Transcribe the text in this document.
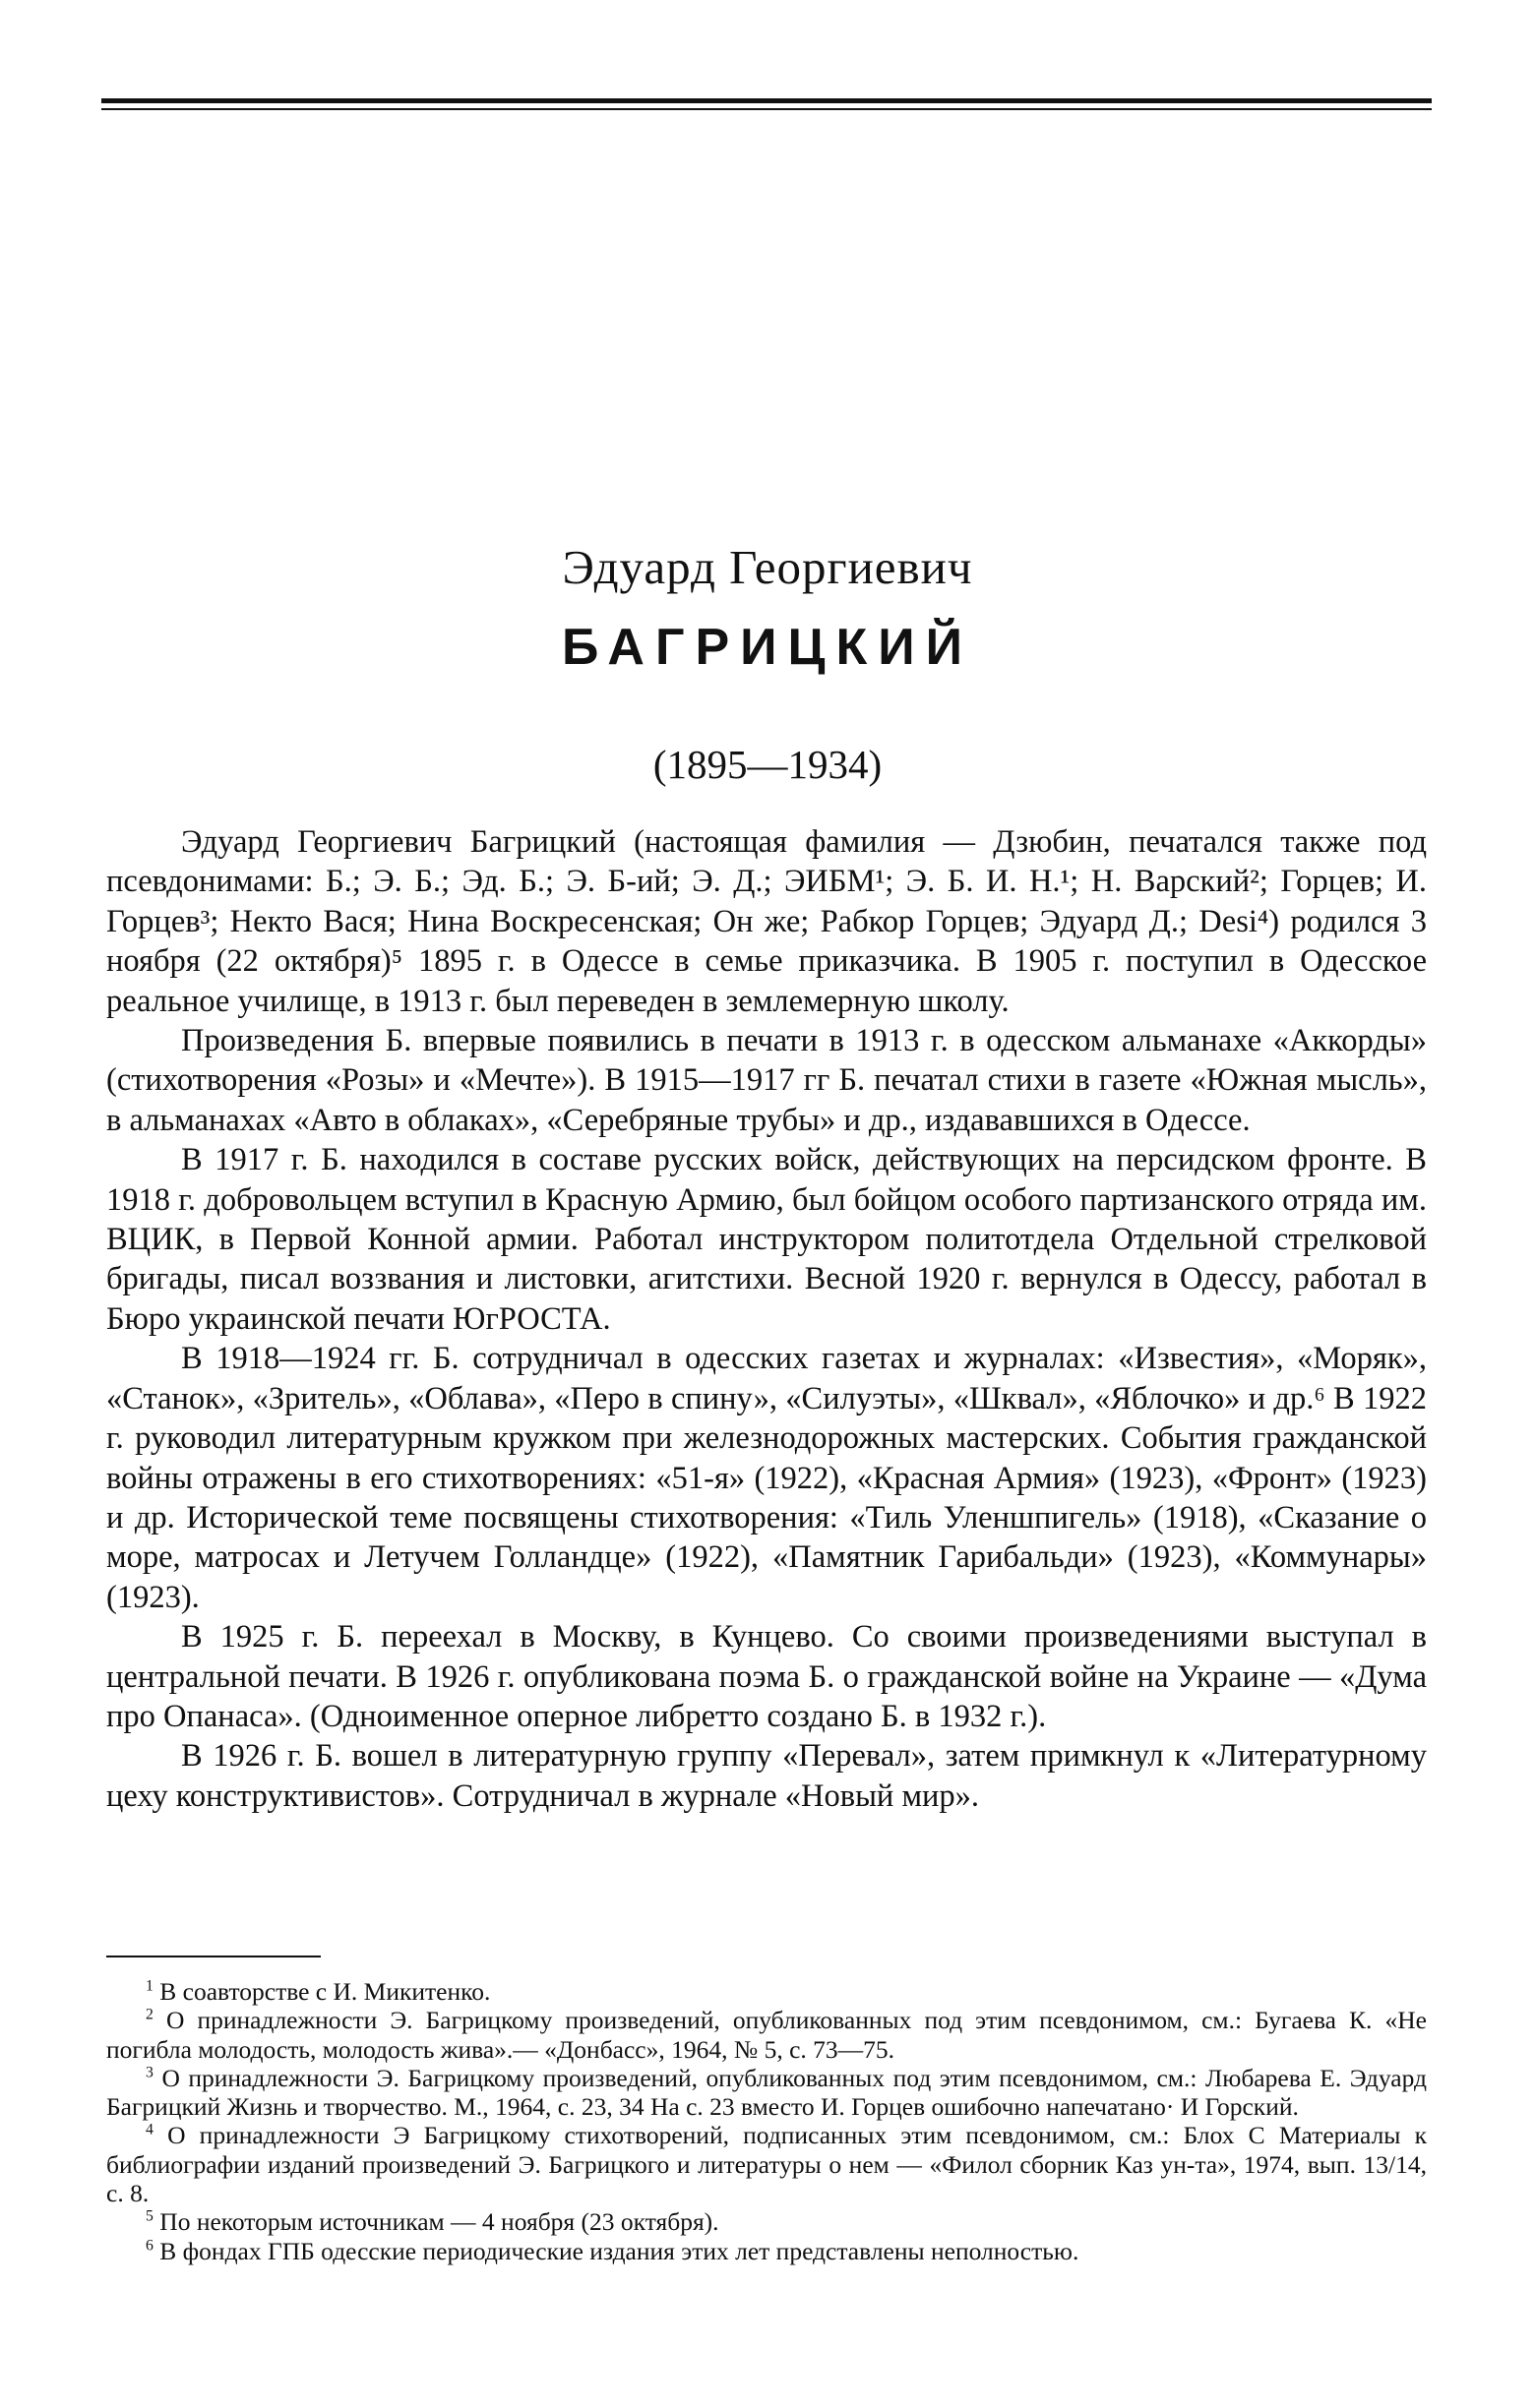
Эдуард Георгиевич
БАГРИЦКИЙ
(1895—1934)

Эдуард Георгиевич Багрицкий (настоящая фамилия — Дзюбин, печатался также под псевдонимами: Б.; Э. Б.; Эд. Б.; Э. Б-ий; Э. Д.; ЭИБМ¹; Э. Б. И. Н.¹; Н. Варский²; Горцев; И. Горцев³; Некто Вася; Нина Воскресенская; Он же; Рабкор Горцев; Эдуард Д.; Desi⁴) родился 3 ноября (22 октября)⁵ 1895 г. в Одессе в семье приказчика. В 1905 г. поступил в Одесское реальное училище, в 1913 г. был переведен в землемерную школу.

Произведения Б. впервые появились в печати в 1913 г. в одесском альманахе «Аккорды» (стихотворения «Розы» и «Мечте»). В 1915—1917 гг Б. печатал стихи в газете «Южная мысль», в альманахах «Авто в облаках», «Серебряные трубы» и др., издававшихся в Одессе.

В 1917 г. Б. находился в составе русских войск, действующих на персидском фронте. В 1918 г. добровольцем вступил в Красную Армию, был бойцом особого партизанского отряда им. ВЦИК, в Первой Конной армии. Работал инструктором политотдела Отдельной стрелковой бригады, писал воззвания и листовки, агитстихи. Весной 1920 г. вернулся в Одессу, работал в Бюро украинской печати ЮгРОСТА.

В 1918—1924 гг. Б. сотрудничал в одесских газетах и журналах: «Известия», «Моряк», «Станок», «Зритель», «Облава», «Перо в спину», «Силуэты», «Шквал», «Яблочко» и др.⁶ В 1922 г. руководил литературным кружком при железнодорожных мастерских. События гражданской войны отражены в его стихотворениях: «51-я» (1922), «Красная Армия» (1923), «Фронт» (1923) и др. Исторической теме посвящены стихотворения: «Тиль Уленшпигель» (1918), «Сказание о море, матросах и Летучем Голландце» (1922), «Памятник Гарибальди» (1923), «Коммунары» (1923).

В 1925 г. Б. переехал в Москву, в Кунцево. Со своими произведениями выступал в центральной печати. В 1926 г. опубликована поэма Б. о гражданской войне на Украине — «Дума про Опанаса». (Одноименное оперное либретто создано Б. в 1932 г.).

В 1926 г. Б. вошел в литературную группу «Перевал», затем примкнул к «Литературному цеху конструктивистов». Сотрудничал в журнале «Новый мир».

$^1$ В соавторстве с И. Микитенко.

$^2$ О принадлежности Э. Багрицкому произведений, опубликованных под этим псевдонимом, см.: Бугаева К. «Не погибла молодость, молодость жива».— «Донбасс», 1964, № 5, с. 73—75.

$^3$ О принадлежности Э. Багрицкому произведений, опубликованных под этим псевдонимом, см.: Любарева Е. Эдуард Багрицкий Жизнь и творчество. М., 1964, с. 23, 34 На с. 23 вместо И. Горцев ошибочно напечатано· И Горский.

$^4$ О принадлежности Э Багрицкому стихотворений, подписанных этим псевдонимом, см.: Блох С Материалы к библиографии изданий произведений Э. Багрицкого и литературы о нем — «Филол сборник Каз ун-та», 1974, вып. 13/14, с. 8.

$^5$ По некоторым источникам — 4 ноября (23 октября).

$^6$ В фондах ГПБ одесские периодические издания этих лет представлены неполностью.
